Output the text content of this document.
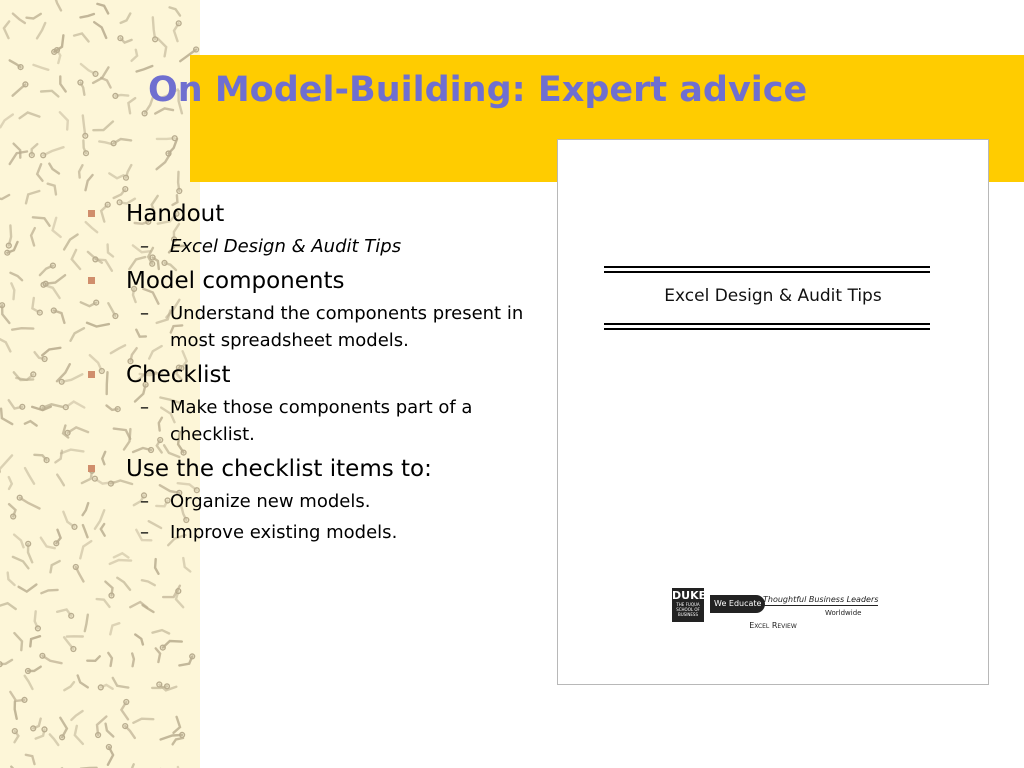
On Model-Building: Expert advice
Handout
– Excel Design & Audit Tips
Model components
– Understand the components present in most spreadsheet models.
Checklist
– Make those components part of a checklist.
Use the checklist items to:
– Organize new models.
– Improve existing models.
Excel Design & Audit Tips
DUKE
THE FUQUA SCHOOL OF BUSINESS
We Educate Thoughtful Business Leaders
Worldwide
Excel Review
